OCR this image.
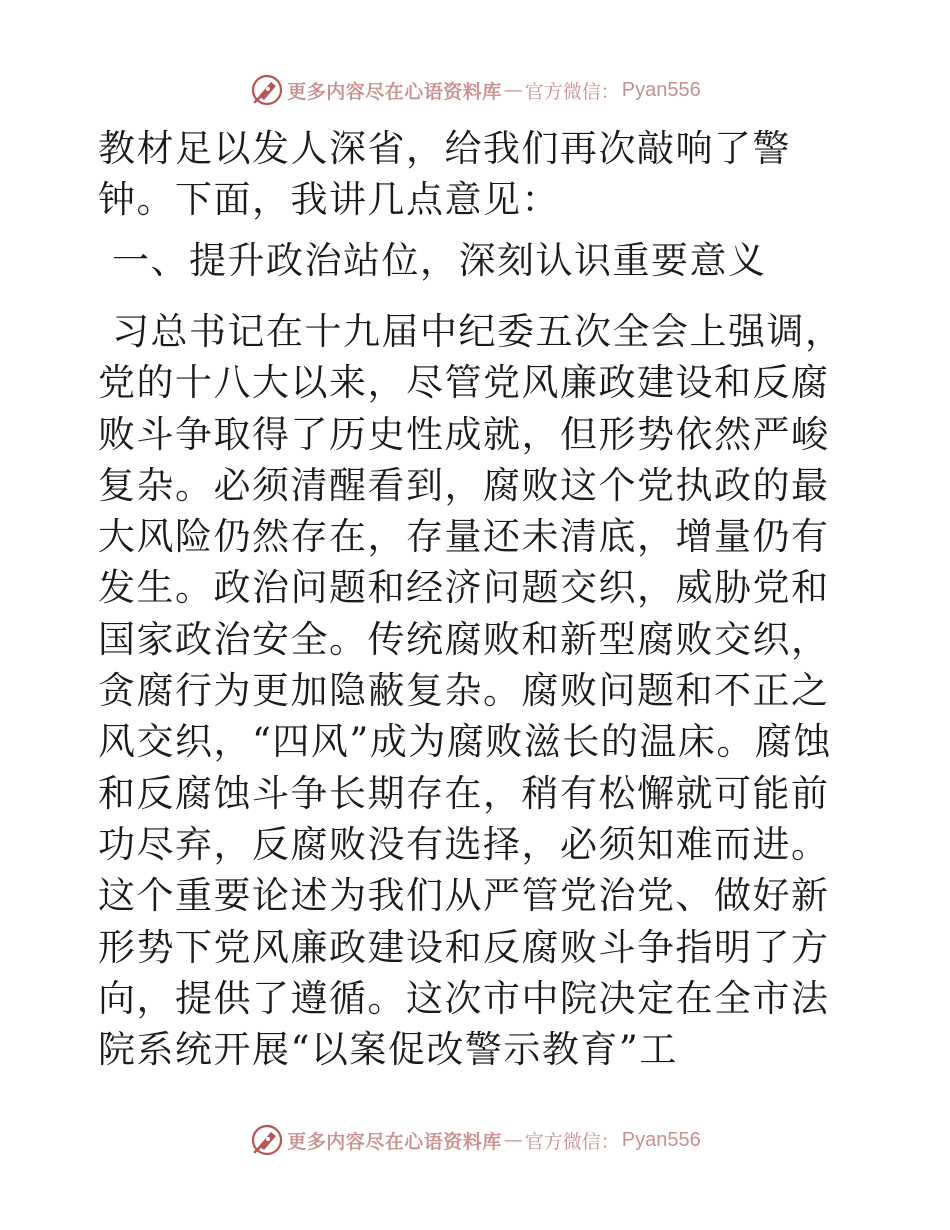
更多内容尽在心语资料库 — 官方微信： Pyan556

教材足以发人深省，给我们再次敲响了警钟。下面，我讲几点意见：

一、提升政治站位，深刻认识重要意义

习总书记在十九届中纪委五次全会上强调，党的十八大以来，尽管党风廉政建设和反腐败斗争取得了历史性成就，但形势依然严峻复杂。必须清醒看到，腐败这个党执政的最大风险仍然存在，存量还未清底，增量仍有发生。政治问题和经济问题交织，威胁党和国家政治安全。传统腐败和新型腐败交织，贪腐行为更加隐蔽复杂。腐败问题和不正之风交织，“四风”成为腐败滋长的温床。腐蚀和反腐蚀斗争长期存在，稍有松懈就可能前功尽弃，反腐败没有选择，必须知难而进。这个重要论述为我们从严管党治党、做好新形势下党风廉政建设和反腐败斗争指明了方向，提供了遵循。这次市中院决定在全市法院系统开展“以案促改警示教育”工

更多内容尽在心语资料库 — 官方微信： Pyan556
